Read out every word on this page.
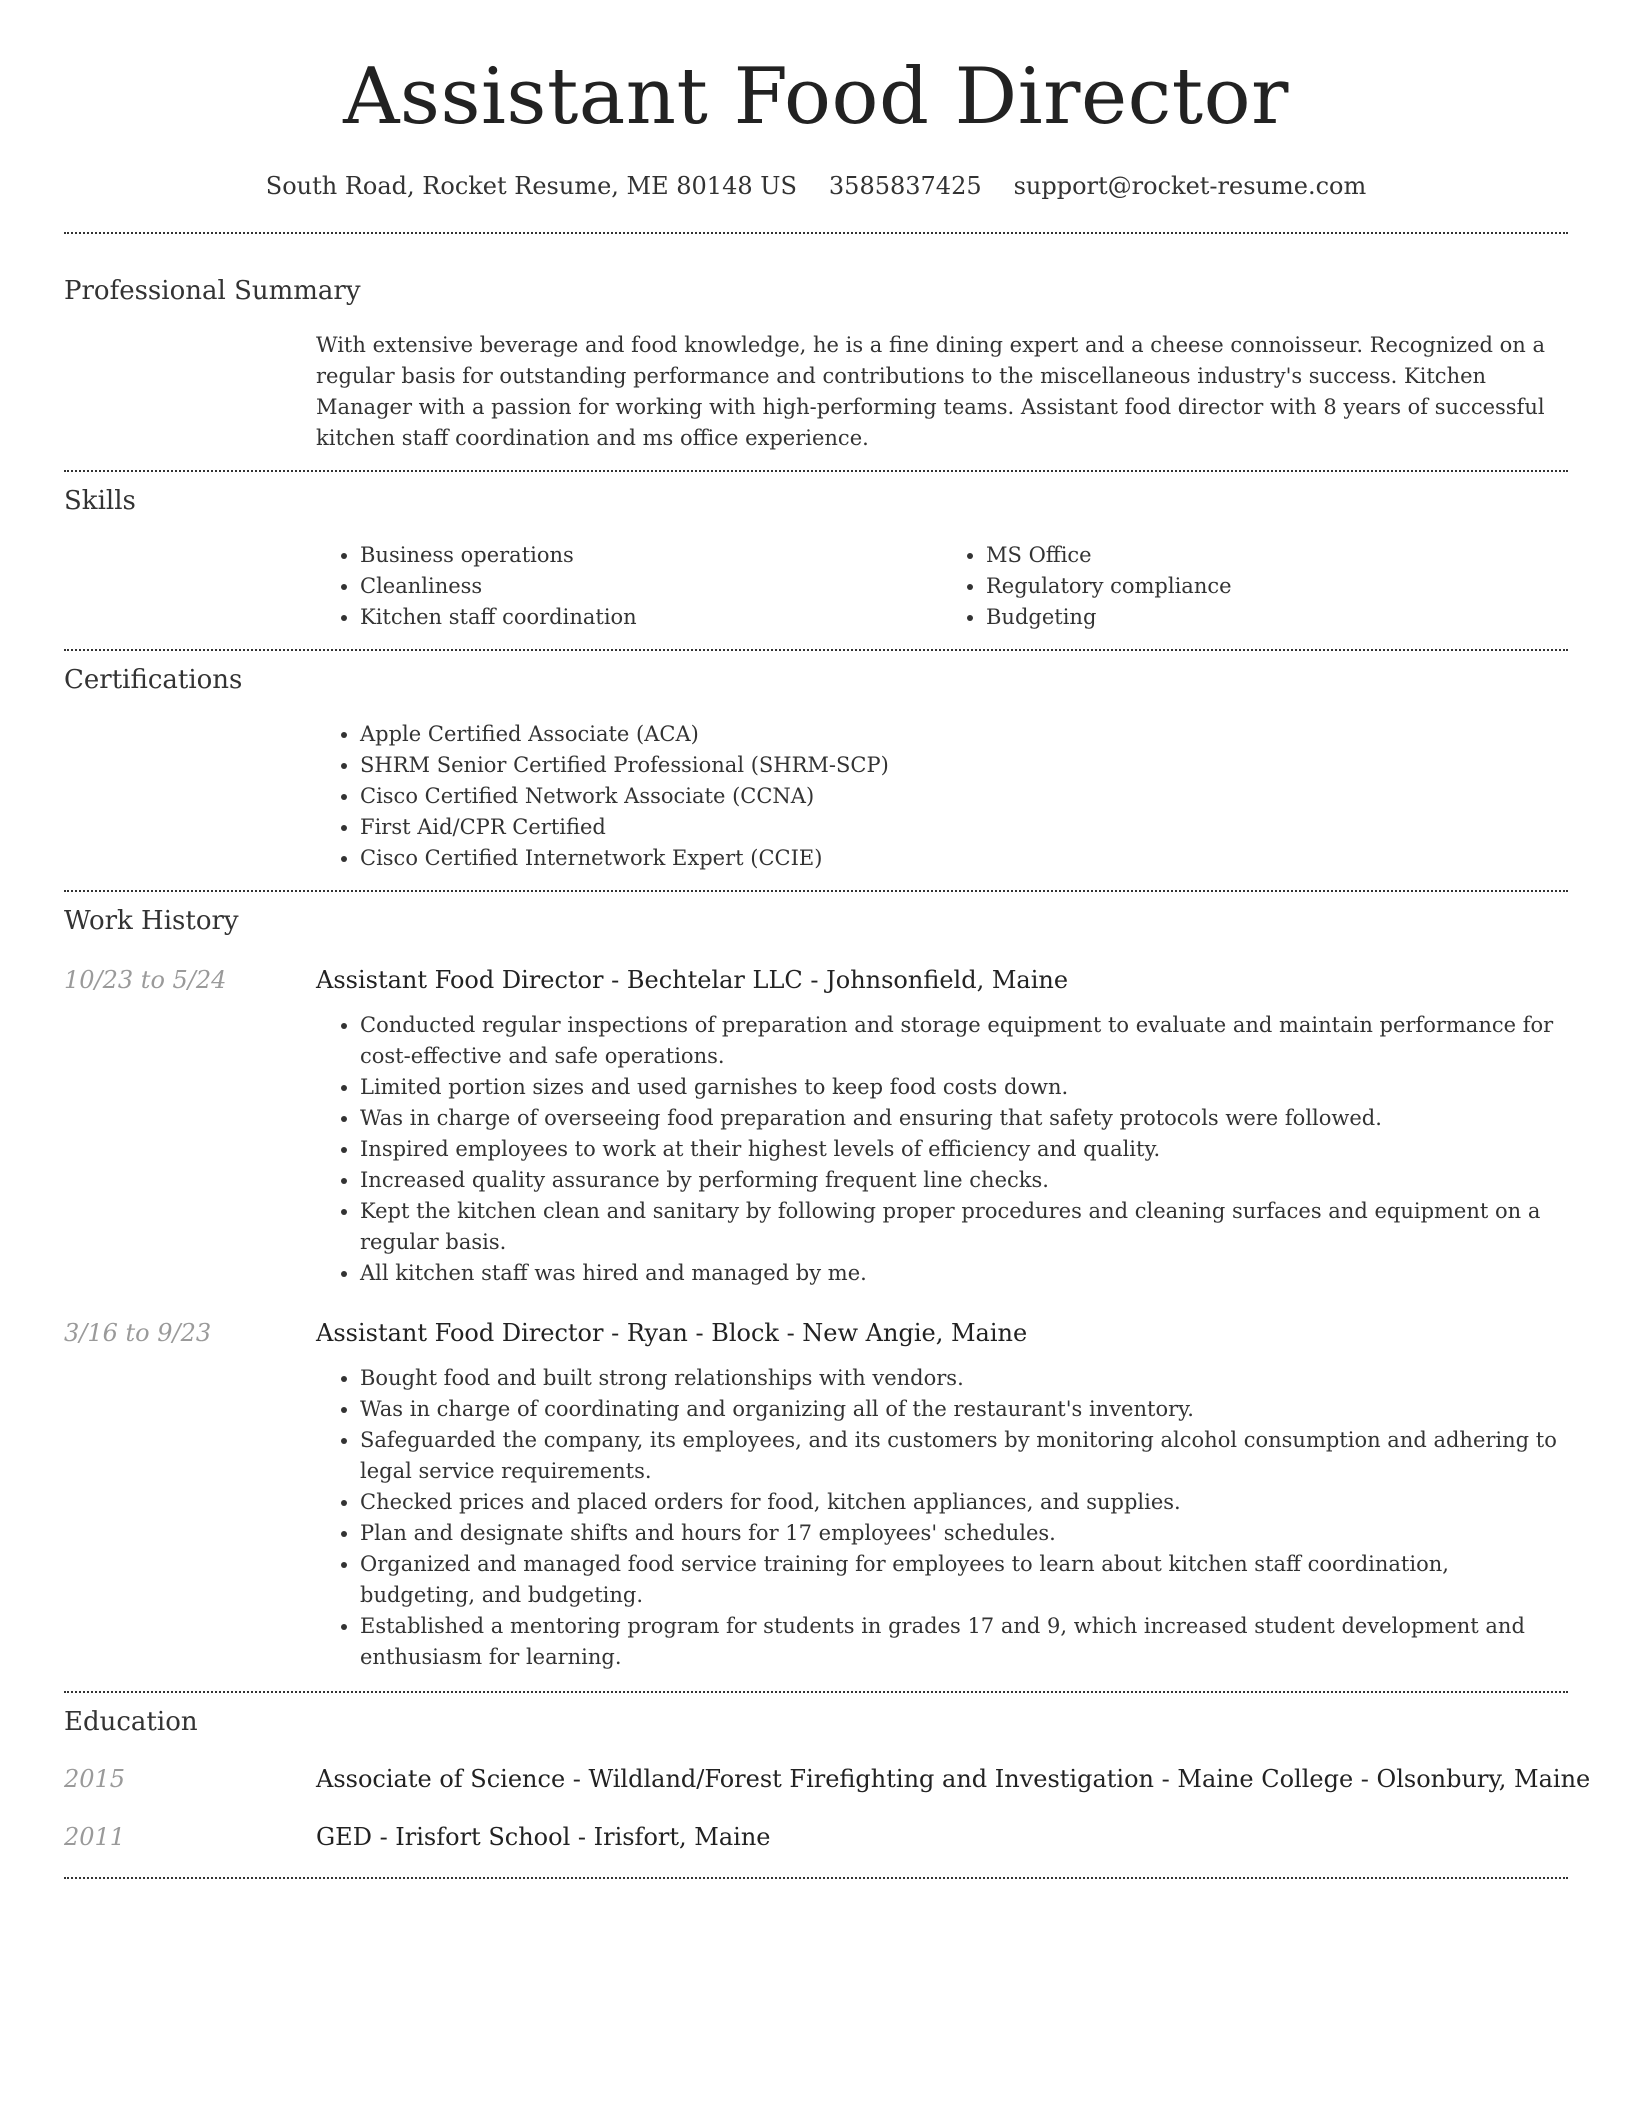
Assistant Food Director
South Road, Rocket Resume, ME 80148 US 3585837425 support@rocket-resume.com
Professional Summary
With extensive beverage and food knowledge, he is a fine dining expert and a cheese connoisseur. Recognized on a regular basis for outstanding performance and contributions to the miscellaneous industry's success. Kitchen Manager with a passion for working with high-performing teams. Assistant food director with 8 years of successful kitchen staff coordination and ms office experience.
Skills
• Business operations
• Cleanliness
• Kitchen staff coordination
• MS Office
• Regulatory compliance
• Budgeting
Certifications
• Apple Certified Associate (ACA)
• SHRM Senior Certified Professional (SHRM-SCP)
• Cisco Certified Network Associate (CCNA)
• First Aid/CPR Certified
• Cisco Certified Internetwork Expert (CCIE)
Work History
10/23 to 5/24	Assistant Food Director - Bechtelar LLC - Johnsonfield, Maine
• Conducted regular inspections of preparation and storage equipment to evaluate and maintain performance for cost-effective and safe operations.
• Limited portion sizes and used garnishes to keep food costs down.
• Was in charge of overseeing food preparation and ensuring that safety protocols were followed.
• Inspired employees to work at their highest levels of efficiency and quality.
• Increased quality assurance by performing frequent line checks.
• Kept the kitchen clean and sanitary by following proper procedures and cleaning surfaces and equipment on a regular basis.
• All kitchen staff was hired and managed by me.
3/16 to 9/23	Assistant Food Director - Ryan - Block - New Angie, Maine
• Bought food and built strong relationships with vendors.
• Was in charge of coordinating and organizing all of the restaurant's inventory.
• Safeguarded the company, its employees, and its customers by monitoring alcohol consumption and adhering to legal service requirements.
• Checked prices and placed orders for food, kitchen appliances, and supplies.
• Plan and designate shifts and hours for 17 employees' schedules.
• Organized and managed food service training for employees to learn about kitchen staff coordination, budgeting, and budgeting.
• Established a mentoring program for students in grades 17 and 9, which increased student development and enthusiasm for learning.
Education
2015	Associate of Science - Wildland/Forest Firefighting and Investigation - Maine College - Olsonbury, Maine
2011	GED - Irisfort School - Irisfort, Maine
